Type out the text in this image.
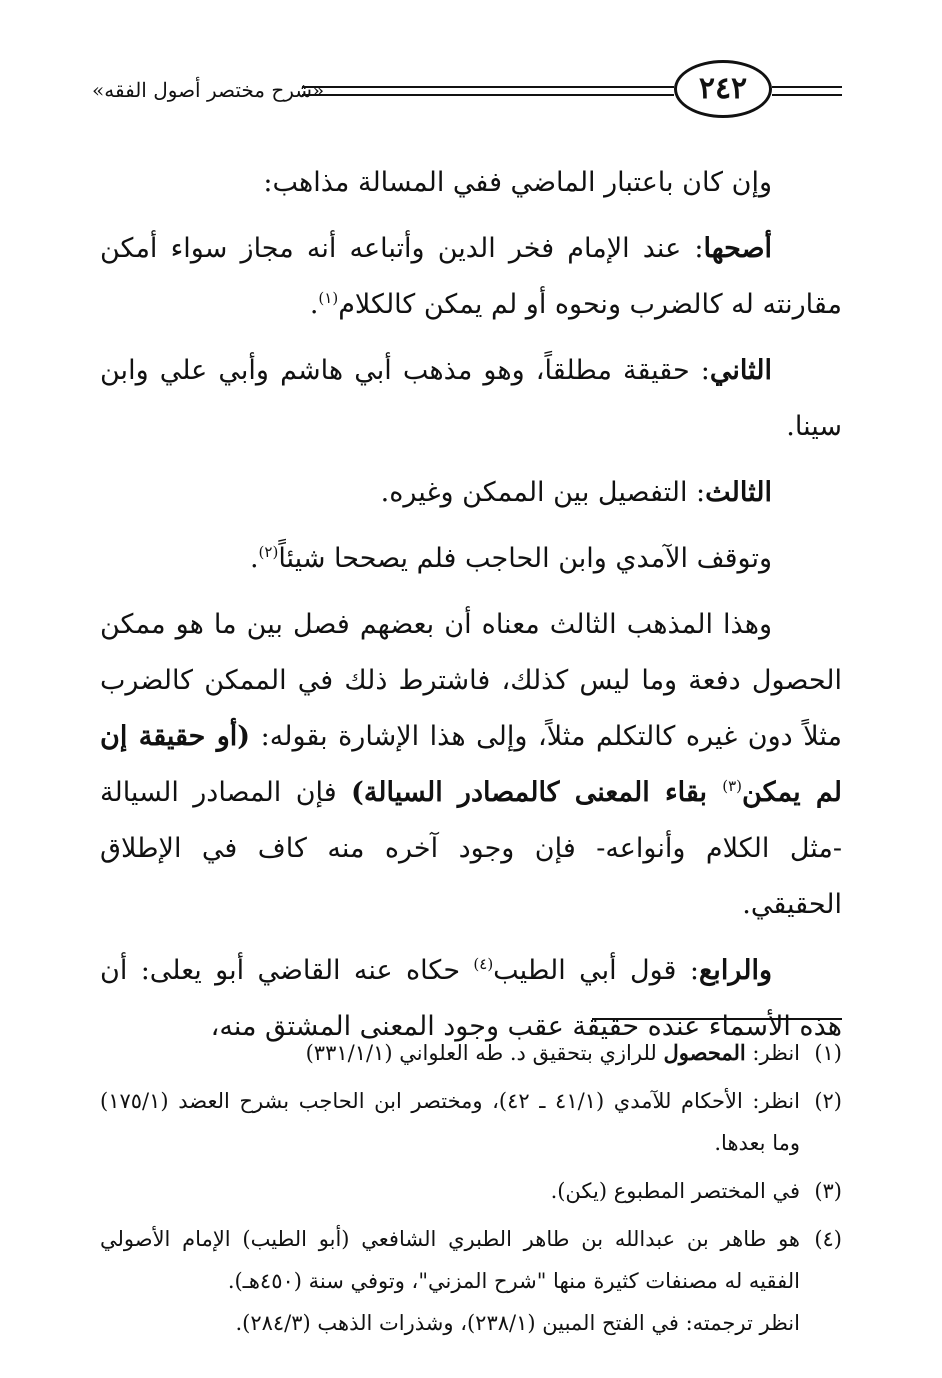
«شرح مختصر أصول الفقه»	٢٤٢

وإن كان باعتبار الماضي ففي المسالة مذاهب:

أصحها: عند الإمام فخر الدين وأتباعه أنه مجاز سواء أمكن مقارنته له كالضرب ونحوه أو لم يمكن كالكلام$^{(١)}$.

الثاني: حقيقة مطلقاً، وهو مذهب أبي هاشم وأبي علي وابن سينا.

الثالث: التفصيل بين الممكن وغيره.

وتوقف الآمدي وابن الحاجب فلم يصححا شيئاً$^{(٢)}$.

وهذا المذهب الثالث معناه أن بعضهم فصل بين ما هو ممكن الحصول دفعة وما ليس كذلك، فاشترط ذلك في الممكن كالضرب مثلاً دون غيره كالتكلم مثلاً، وإلى هذا الإشارة بقوله: (أو حقيقة إن لم يمكن$^{(٣)}$ بقاء المعنى كالمصادر السيالة) فإن المصادر السيالة -مثل الكلام وأنواعه- فإن وجود آخره منه كاف في الإطلاق الحقيقي.

والرابع: قول أبي الطيب$^{(٤)}$ حكاه عنه القاضي أبو يعلى: أن هذه الأسماء عنده حقيقة عقب وجود المعنى المشتق منه،

(١)
انظر: المحصول للرازي بتحقيق د. طه العلواني (٣٣١/١/١)

(٢)
انظر: الأحكام للآمدي (٤١/١ ـ ٤٢)، ومختصر ابن الحاجب بشرح العضد (١٧٥/١) وما بعدها.

(٣)
في المختصر المطبوع (يكن).

(٤)
هو طاهر بن عبدالله بن طاهر الطبري الشافعي (أبو الطيب) الإمام الأصولي الفقيه له مصنفات كثيرة منها "شرح المزني"، وتوفي سنة (٤٥٠هـ).
انظر ترجمته: في الفتح المبين (٢٣٨/١)، وشذرات الذهب (٢٨٤/٣).
